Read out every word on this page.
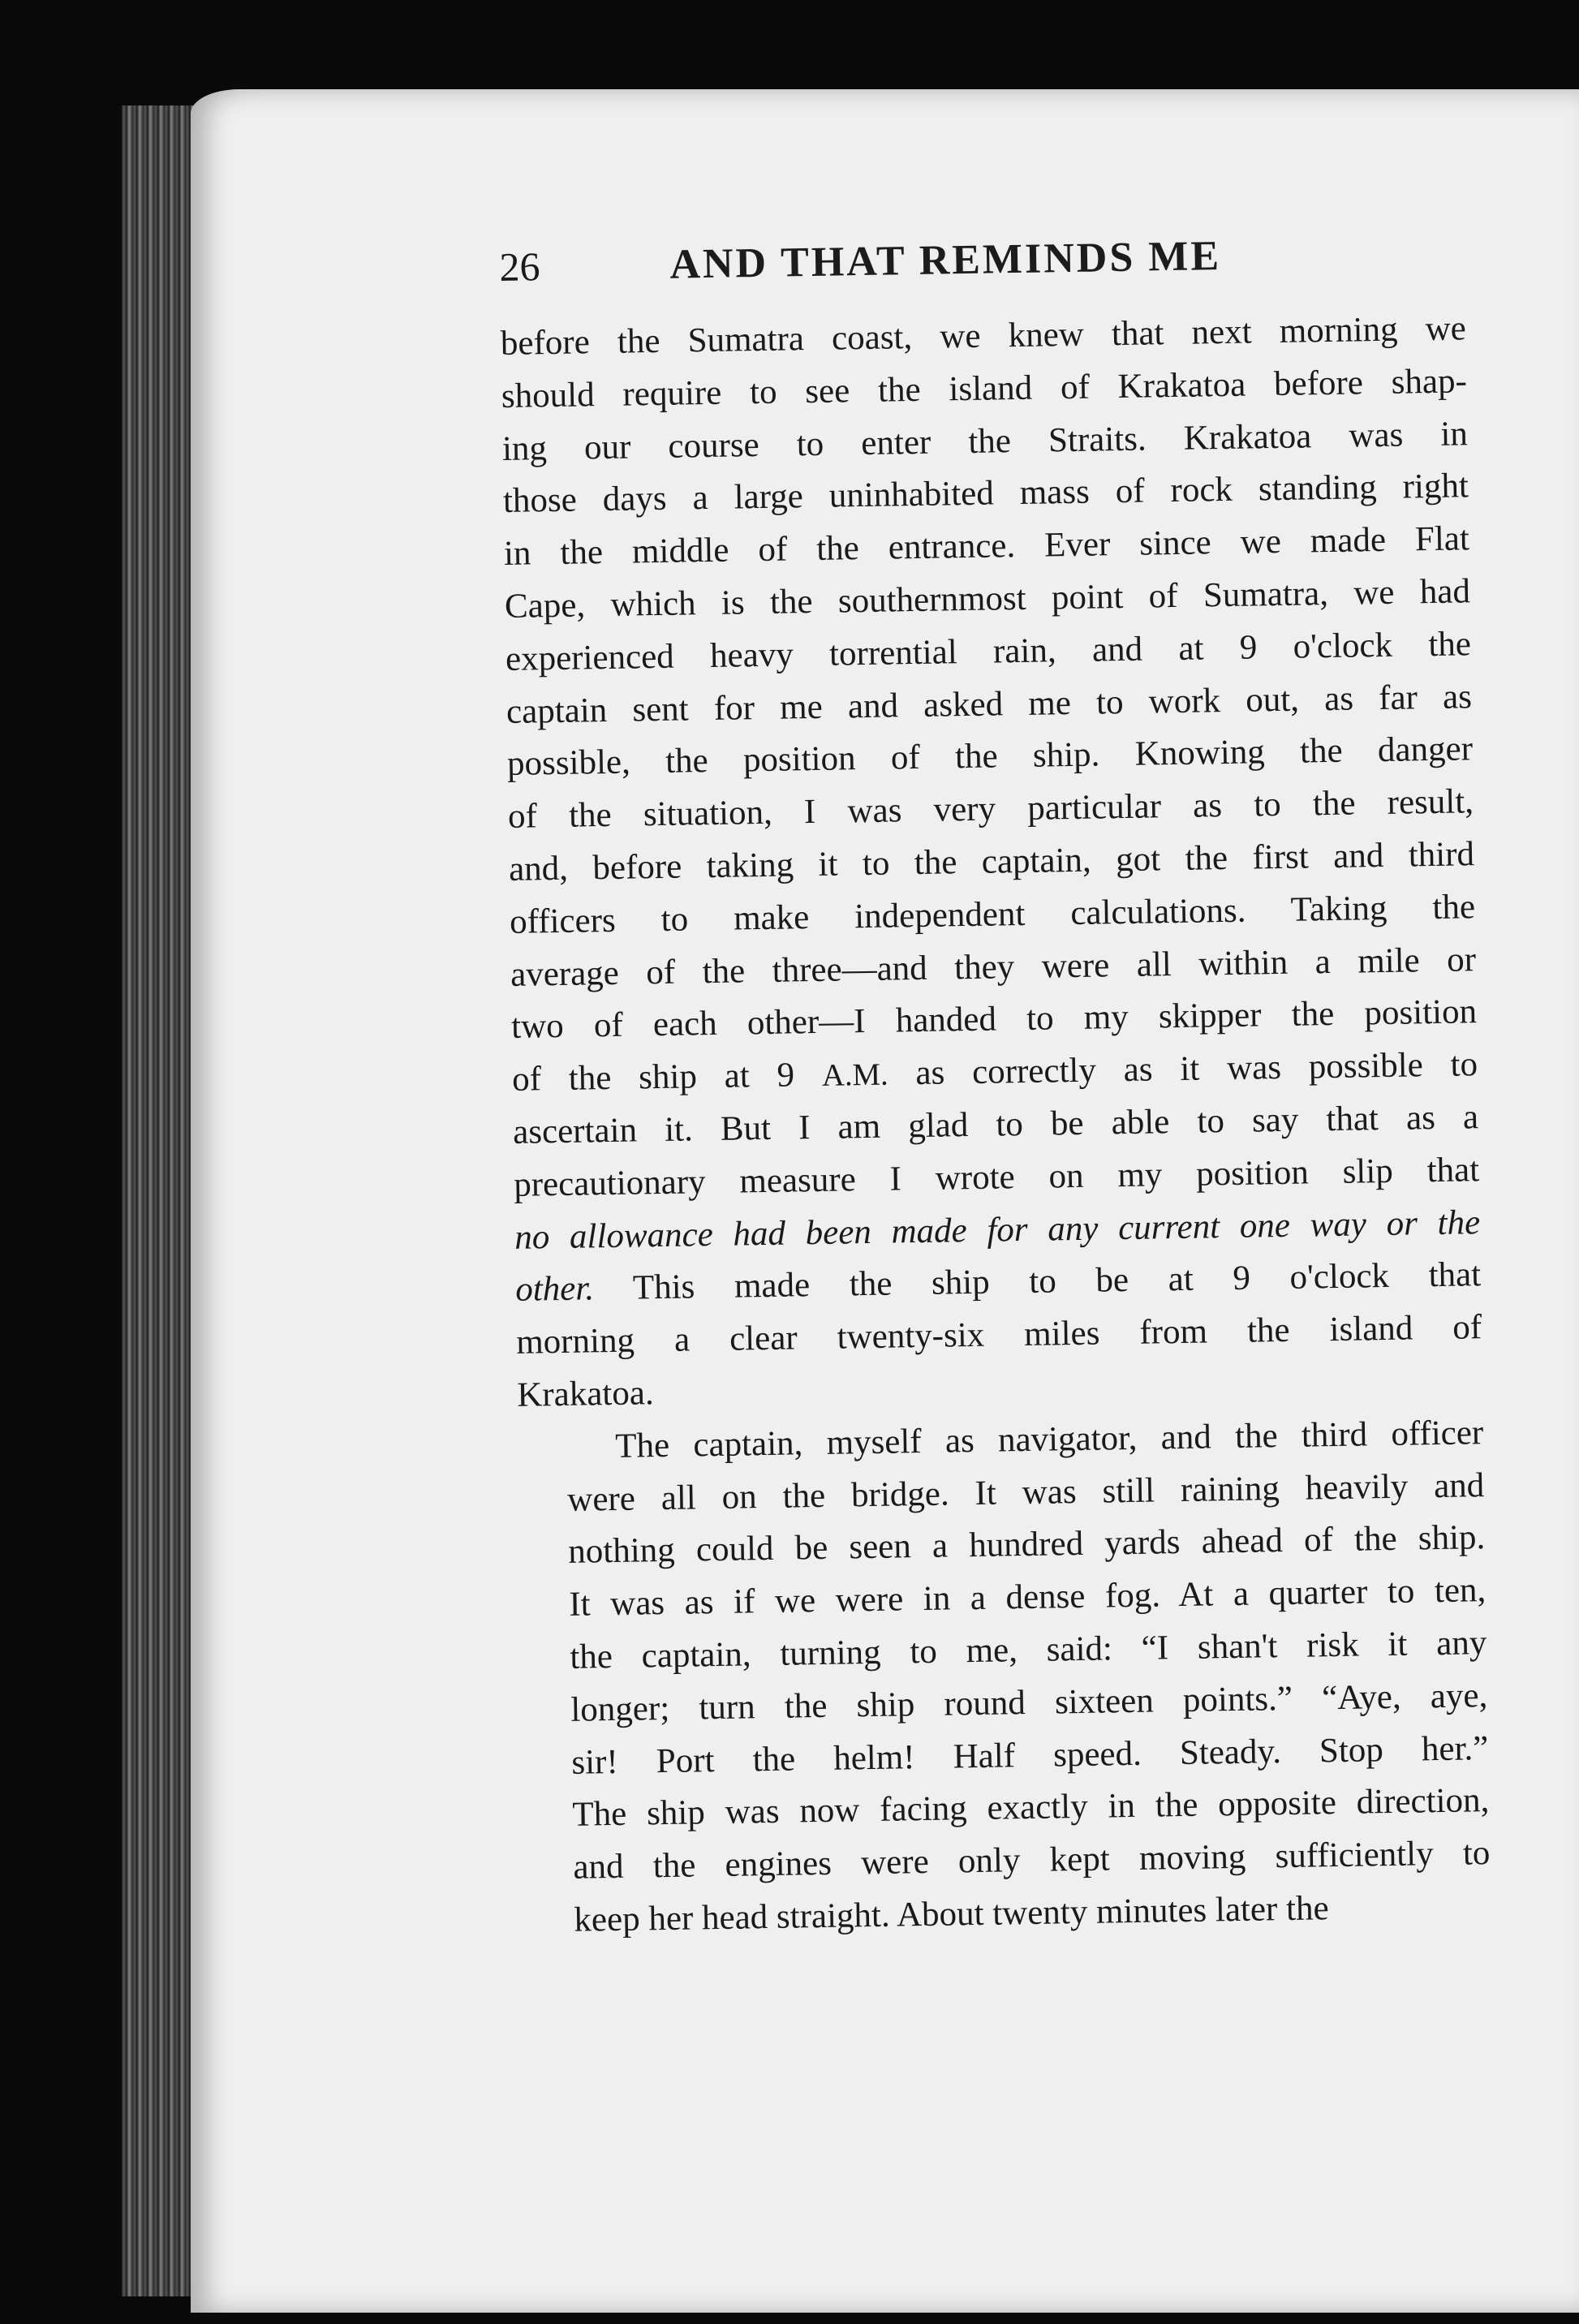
26	AND THAT REMINDS ME
before the Sumatra coast, we knew that next morning we
should require to see the island of Krakatoa before shap-
ing our course to enter the Straits. Krakatoa was in
those days a large uninhabited mass of rock standing right
in the middle of the entrance. Ever since we made Flat
Cape, which is the southernmost point of Sumatra, we had
experienced heavy torrential rain, and at 9 o'clock the
captain sent for me and asked me to work out, as far as
possible, the position of the ship. Knowing the danger
of the situation, I was very particular as to the result,
and, before taking it to the captain, got the first and third
officers to make independent calculations. Taking the
average of the three—and they were all within a mile or
two of each other—I handed to my skipper the position
of the ship at 9 A.M. as correctly as it was possible to
ascertain it. But I am glad to be able to say that as a
precautionary measure I wrote on my position slip that
no allowance had been made for any current one way or the
other. This made the ship to be at 9 o'clock that
morning a clear twenty-six miles from the island of
Krakatoa.
The captain, myself as navigator, and the third officer
were all on the bridge. It was still raining heavily and
nothing could be seen a hundred yards ahead of the ship.
It was as if we were in a dense fog. At a quarter to ten,
the captain, turning to me, said: “I shan't risk it any
longer; turn the ship round sixteen points.” “Aye, aye,
sir! Port the helm! Half speed. Steady. Stop her.”
The ship was now facing exactly in the opposite direction,
and the engines were only kept moving sufficiently to
keep her head straight. About twenty minutes later the
